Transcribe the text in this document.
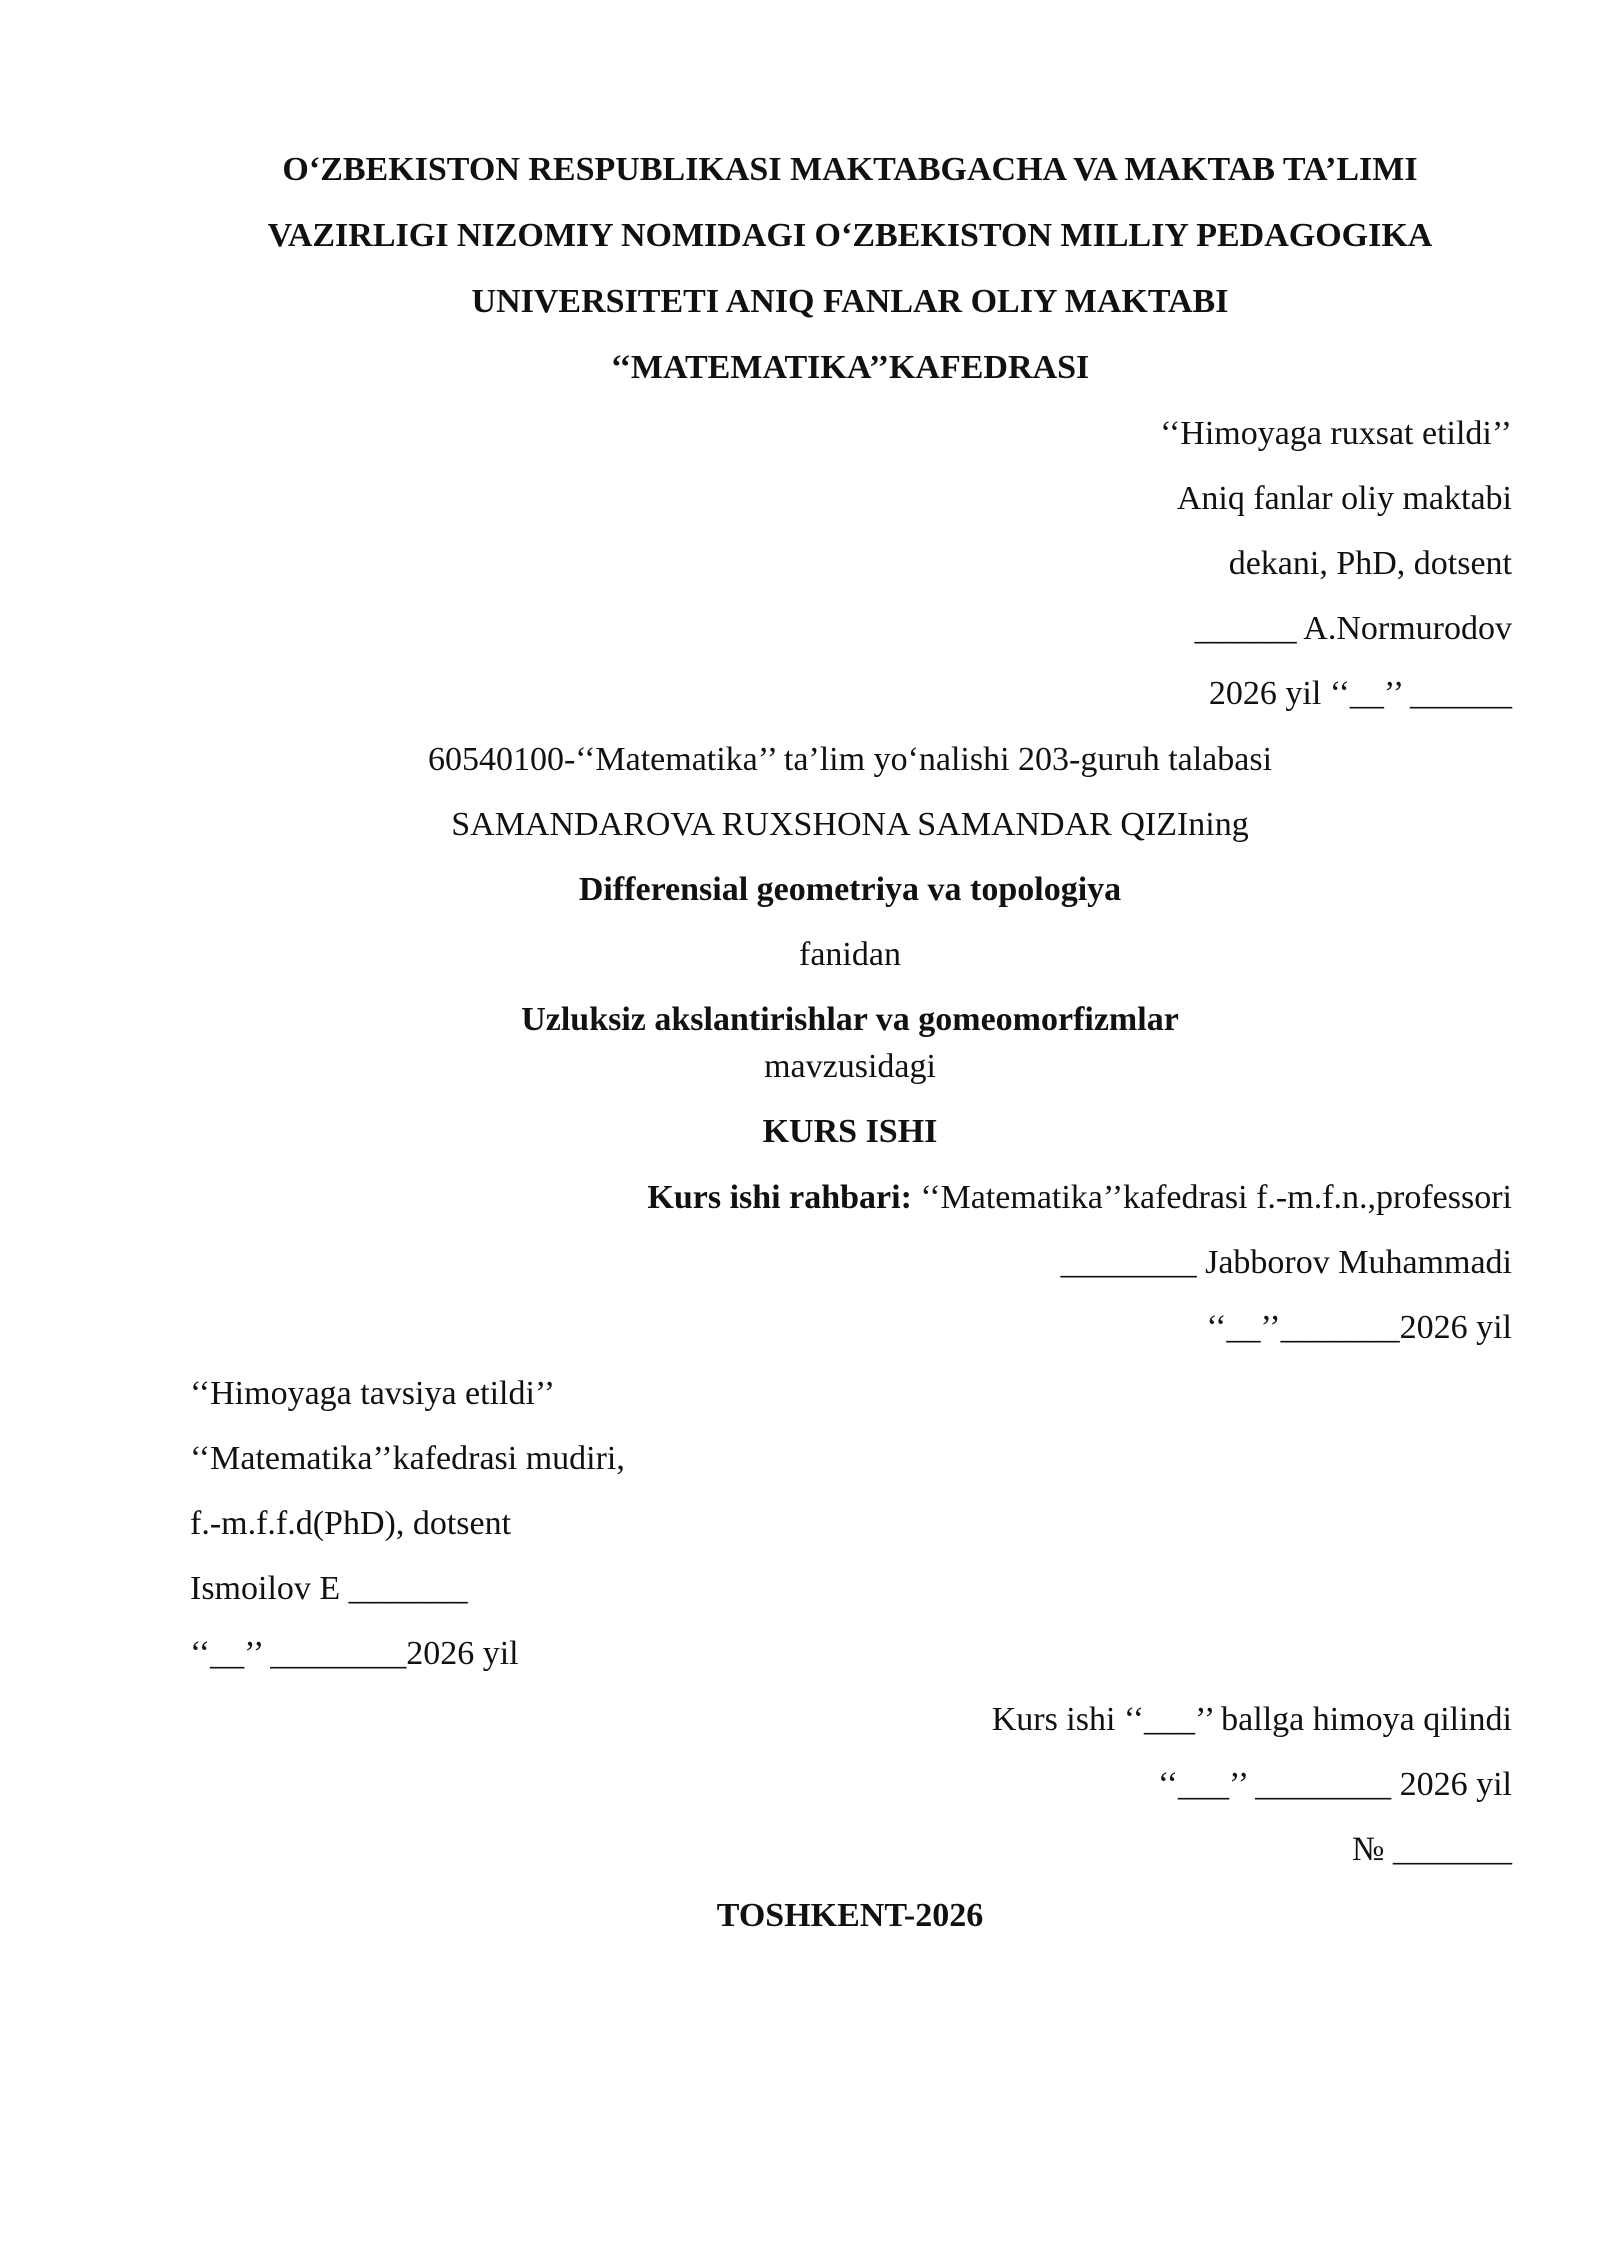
O‘ZBEKISTON RESPUBLIKASI MAKTABGACHA VA MAKTAB TA’LIMI
VAZIRLIGI NIZOMIY NOMIDAGI O‘ZBEKISTON MILLIY PEDAGOGIKA
UNIVERSITETI ANIQ FANLAR OLIY MAKTABI
‘‘MATEMATIKA’’KAFEDRASI
‘‘Himoyaga ruxsat etildi’’
Aniq fanlar oliy maktabi
dekani, PhD, dotsent
______ A.Normurodov
2026 yil ‘‘__’’ ______
60540100-‘‘Matematika’’ ta’lim yo‘nalishi 203-guruh talabasi
SAMANDAROVA RUXSHONA SAMANDAR QIZIning
Differensial geometriya va topologiya
fanidan
Uzluksiz akslantirishlar va gomeomorfizmlar
mavzusidagi
KURS ISHI
Kurs ishi rahbari: ‘‘Matematika’’kafedrasi f.-m.f.n.,professori
________ Jabborov Muhammadi
‘‘__’’_______2026 yil
‘‘Himoyaga tavsiya etildi’’
‘‘Matematika’’kafedrasi mudiri,
f.-m.f.f.d(PhD), dotsent
Ismoilov E _______
‘‘__’’ ________2026 yil
Kurs ishi ‘‘___’’ ballga himoya qilindi
‘‘___’’ ________ 2026 yil
№ _______
TOSHKENT-2026
